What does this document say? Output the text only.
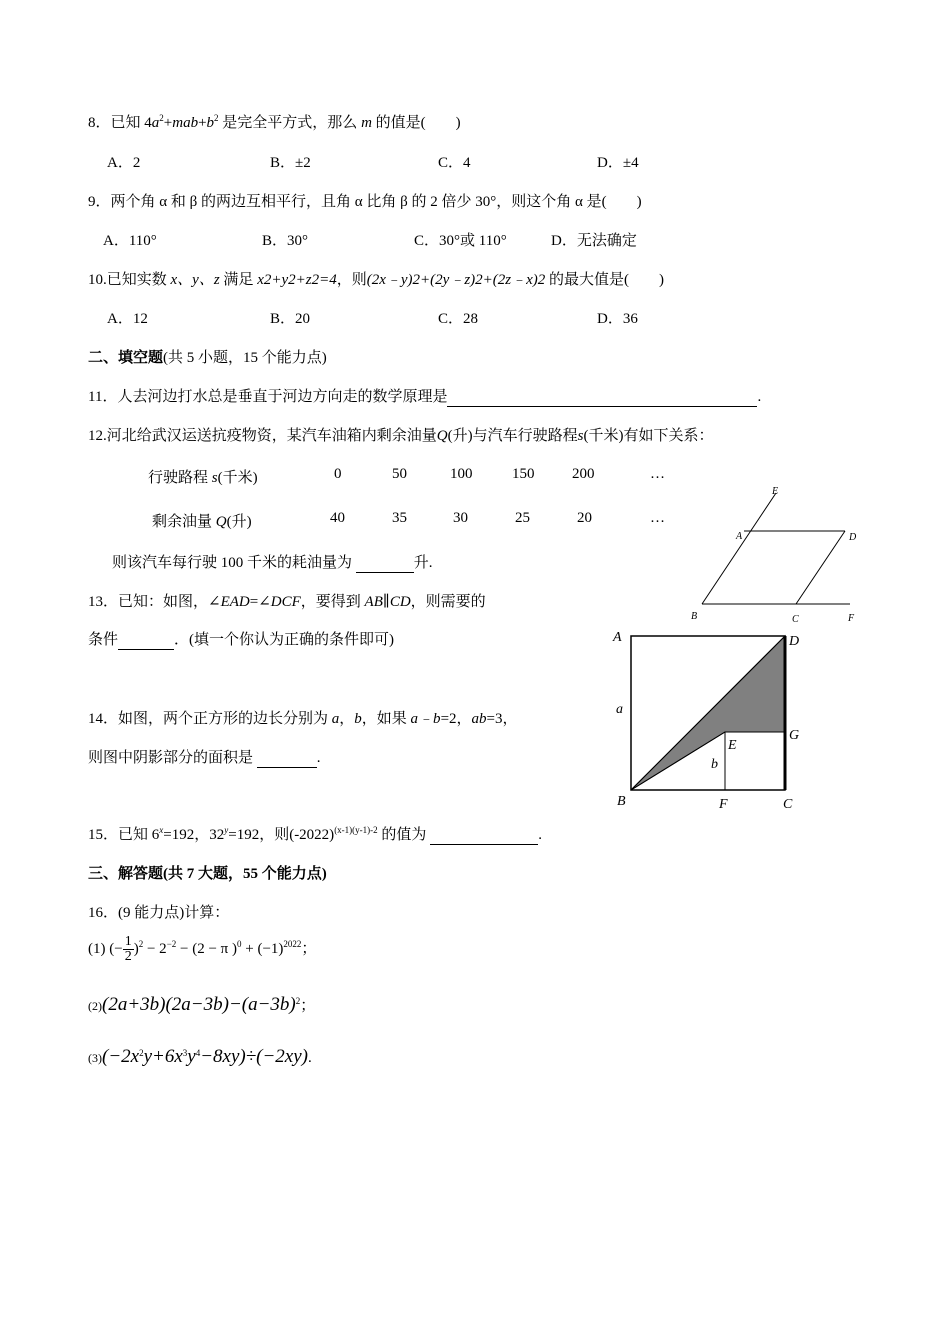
8．已知 $4a^2+mab+b^2$ 是完全平方式，那么 m 的值是(　　)
A．2	B．±2	C．4	D．±4
9．两个角 α 和 β 的两边互相平行，且角 α 比角 β 的 2 倍少 30°，则这个角 α 是(　　)
A．110°	B．30°	C．30°或 110°	D．无法确定
10.已知实数 x、y、z 满足 x2+y2+z2=4，则(2x﹣y)2+(2y﹣z)2+(2z﹣x)2 的最大值是(　　)
A．12	B．20	C．28	D．36
二、填空题(共 5 小题，15 个能力点)
11．人去河边打水总是垂直于河边方向走的数学原理是	.
12.河北给武汉运送抗疫物资，某汽车油箱内剩余油量Q(升)与汽车行驶路程s(千米)有如下关系：
行驶路程 s(千米)	0	50	100	150	200	…
剩余油量 Q(升)	40	35	30	25	20	…
则该汽车每行驶 100 千米的耗油量为	升.
E
A	D
B	C	F
13．已知：如图，∠EAD=∠DCF，要得到 AB∥CD，则需要的
条件	．(填一个你认为正确的条件即可)	A	D
a
E
G
b
B	F	C
14．如图，两个正方形的边长分别为 a，b，如果 a﹣b=2，ab=3，
则图中阴影部分的面积是	.
15．已知 $6^x=192$，$32^y=192$，则$(-2022)^{(x-1)(y-1)-2}$ 的值为	.
三、解答题(共 7 大题，55 个能力点)
16．(9 能力点)计算：
(1) (− $\frac{1}{2} )^2 - 2^{-2} - (2 - \pi$ )$^0 + (-1)^{2022}$；
$(2)(2a+3b)(2a-3b)-(a-3b)^2$；
$(3)(-2x^2y+6x^3y^4-8xy)\div(-2xy)$.
